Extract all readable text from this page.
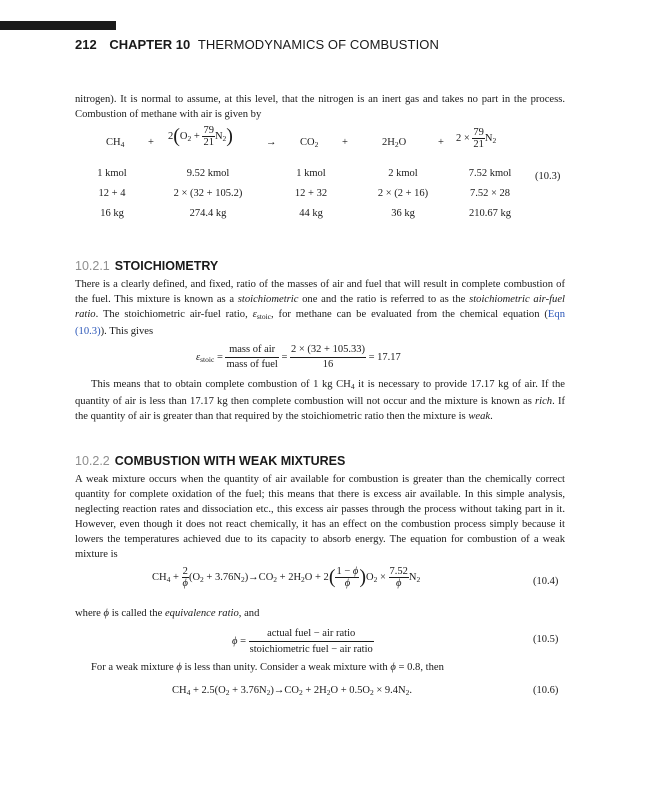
212 CHAPTER 10 THERMODYNAMICS OF COMBUSTION
nitrogen). It is normal to assume, at this level, that the nitrogen is an inert gas and takes no part in the process. Combustion of methane with air is given by
$CH_4$ +
$2(O_2 + \frac{79}{21} N_2)$	→ $CO_2$ +	$2H_2O$	+ $2 \times \frac{79}{21} N_2$
1 kmol	9.52 kmol	1 kmol	2 kmol	7.52 kmol
12 + 4	2 × (32 + 105.2)	12 + 32	2 × (2 + 16)	7.52 × 28
16 kg	274.4 kg	44 kg	36 kg	210.67 kg
(10.3)
10.2.1 STOICHIOMETRY
There is a clearly defined, and fixed, ratio of the masses of air and fuel that will result in complete combustion of the fuel. This mixture is known as a stoichiometric one and the ratio is referred to as the stoichiometric air-fuel ratio. The stoichiometric air-fuel ratio, $\varepsilon_{stoic}$, for methane can be evaluated from the chemical equation (Eqn (10.3)). This gives
$\varepsilon_{stoic} = \frac{\text{mass of air}}{\text{mass of fuel}} = \frac{2 \times (32 + 105.33)}{16} = 17.17$
This means that to obtain complete combustion of 1 kg $CH_4$ it is necessary to provide 17.17 kg of air. If the quantity of air is less than 17.17 kg then complete combustion will not occur and the mixture is known as rich. If the quantity of air is greater than that required by the stoichiometric ratio then the mixture is weak.
10.2.2 COMBUSTION WITH WEAK MIXTURES
A weak mixture occurs when the quantity of air available for combustion is greater than the chemically correct quantity for complete oxidation of the fuel; this means that there is excess air available. In this simple analysis, neglecting reaction rates and dissociation etc., this excess air passes through the process without taking part in it. However, even though it does not react chemically, it has an effect on the combustion process simply because it lowers the temperatures achieved due to its capacity to absorb energy. The equation for combustion of a weak mixture is
$CH_4 + \frac{2}{\phi} (O_2 + 3.76N_2)\to CO_2 + 2H_2O + 2( \frac{1 - \phi}{\phi} )O_2 \times \frac{7.52}{\phi} N_2$	(10.4)
where ϕ is called the equivalence ratio, and
$\phi = \frac{\text{actual fuel − air ratio}}{\text{stoichiometric fuel − air ratio}}$	(10.5)
For a weak mixture ϕ is less than unity. Consider a weak mixture with ϕ = 0.8, then
$CH_4 + 2.5(O_2 + 3.76N_2)\to CO_2 + 2H_2O + 0.5O_2 \times 9.4N_2$.	(10.6)
